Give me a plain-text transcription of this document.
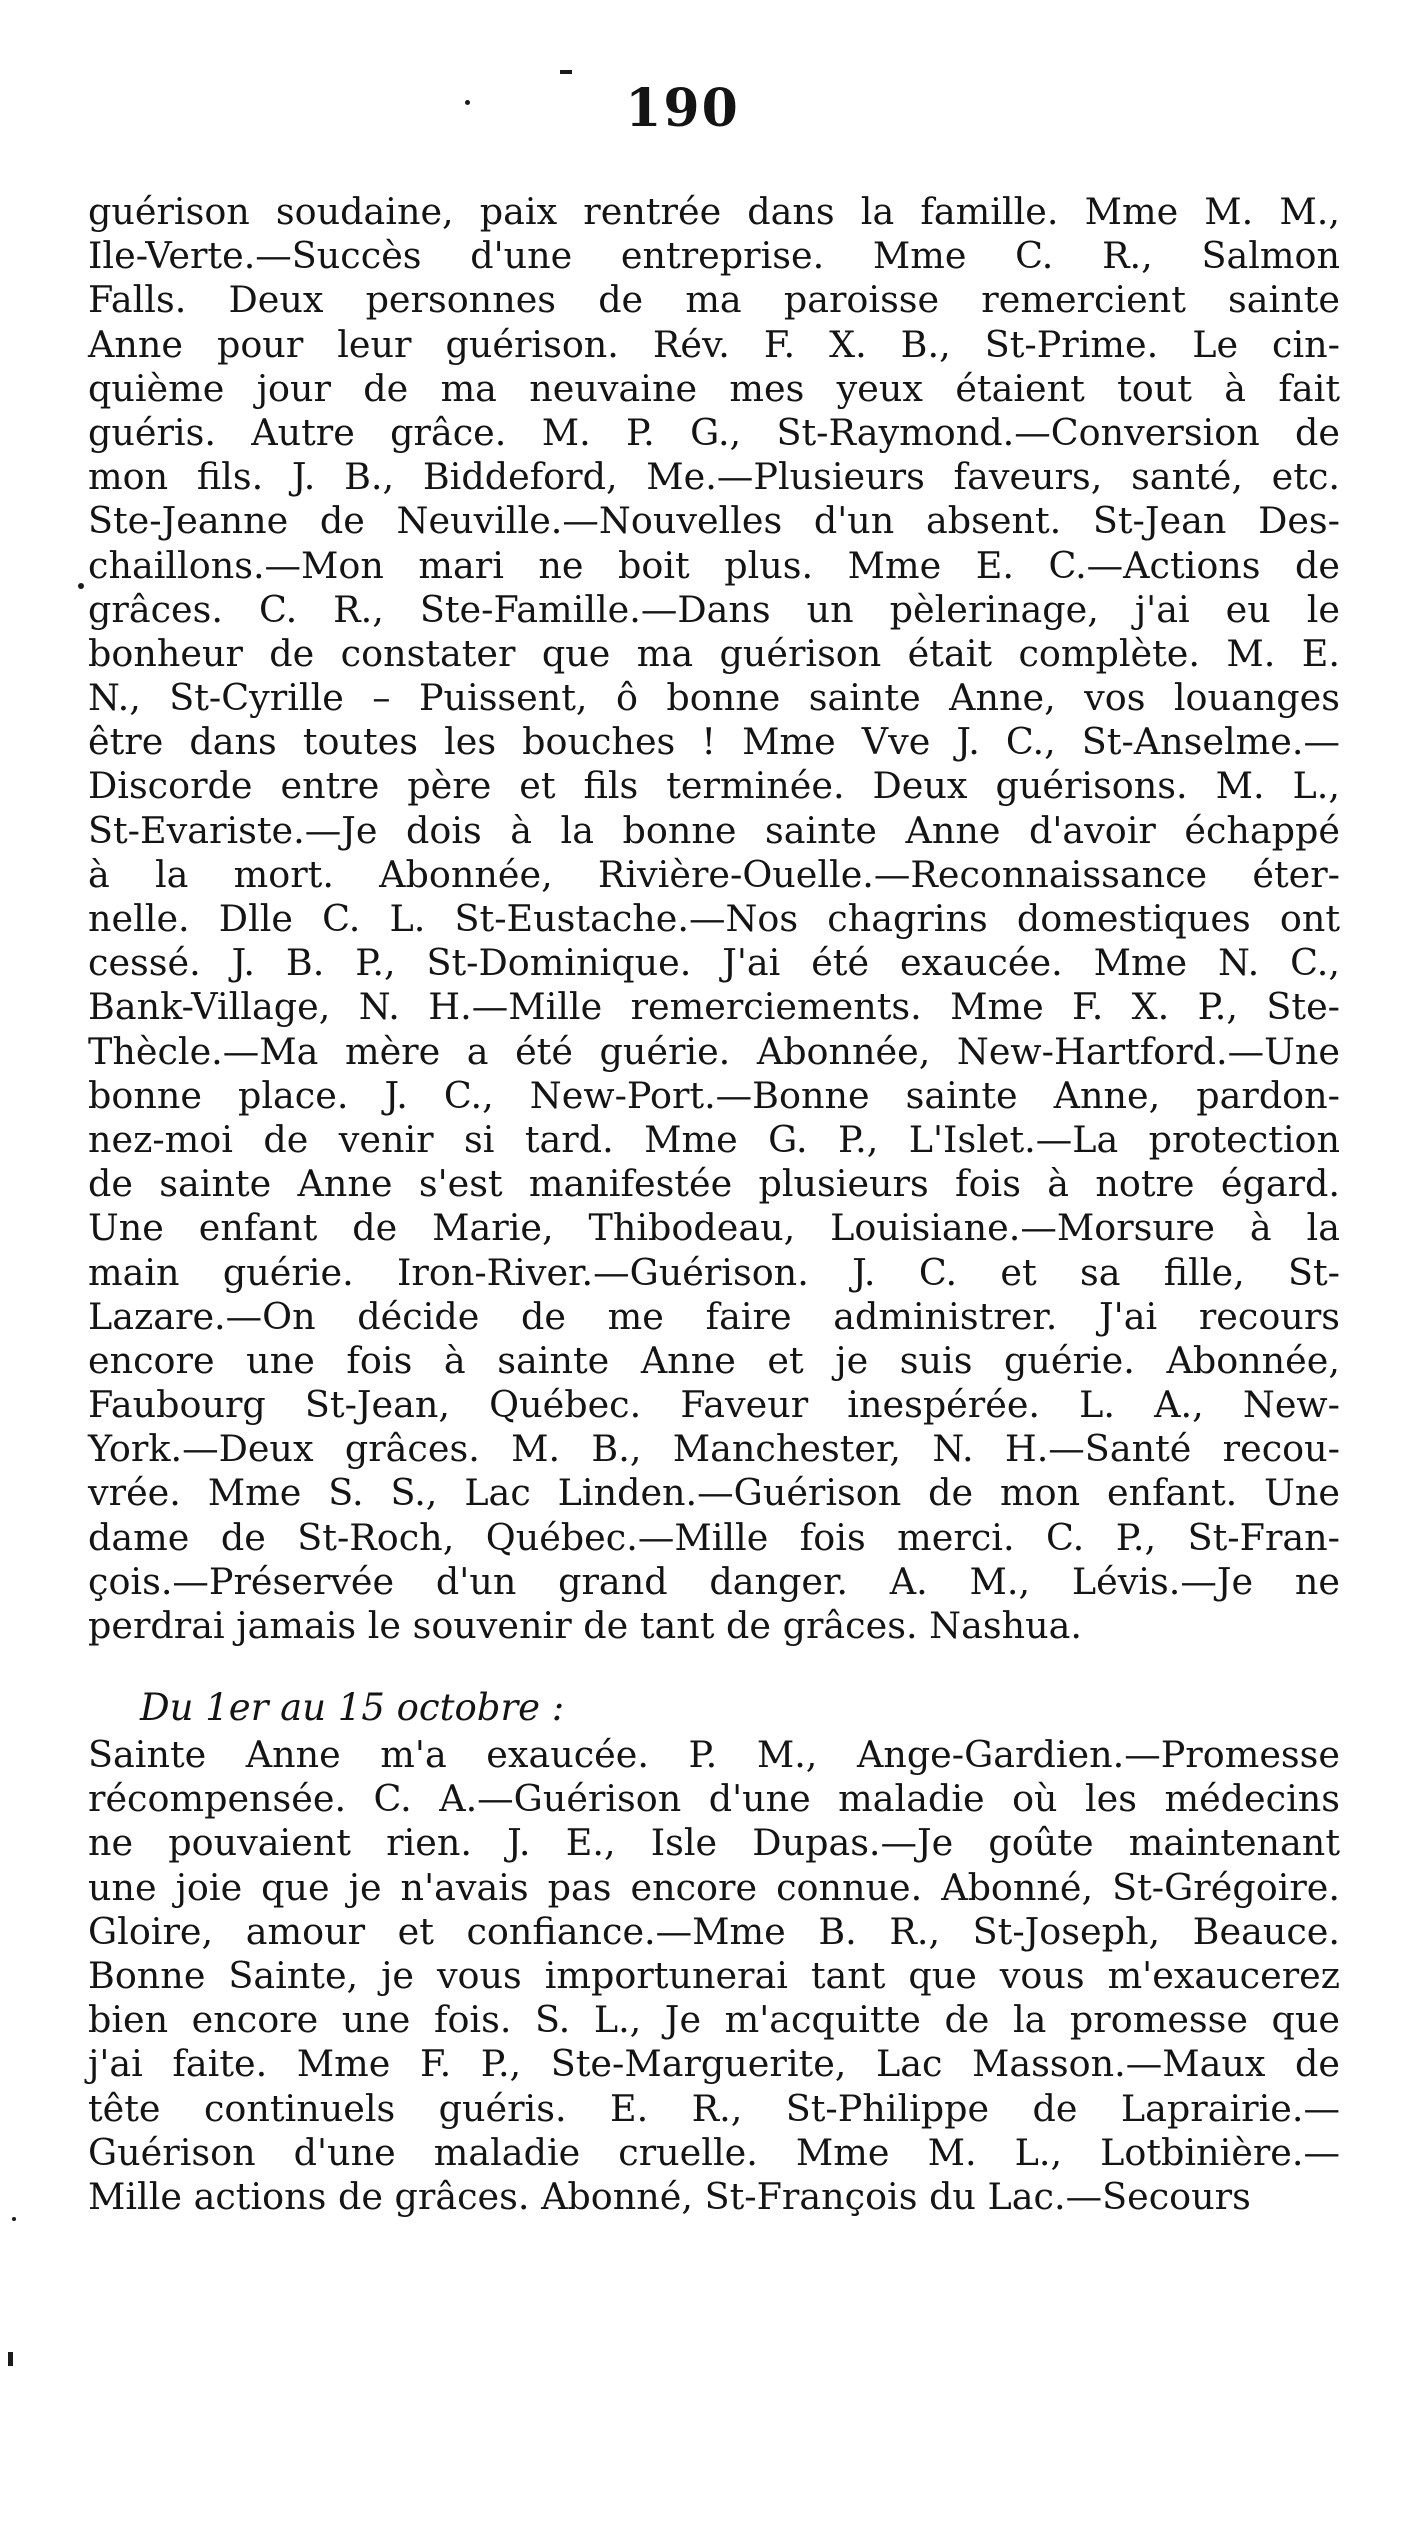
190
guérison soudaine, paix rentrée dans la famille. Mme M. M.,
Ile-Verte.—Succès d'une entreprise. Mme C. R., Salmon
Falls. Deux personnes de ma paroisse remercient sainte
Anne pour leur guérison. Rév. F. X. B., St-Prime. Le cin-
quième jour de ma neuvaine mes yeux étaient tout à fait
guéris. Autre grâce. M. P. G., St-Raymond.—Conversion de
mon fils. J. B., Biddeford, Me.—Plusieurs faveurs, santé, etc.
Ste-Jeanne de Neuville.—Nouvelles d'un absent. St-Jean Des-
chaillons.—Mon mari ne boit plus. Mme E. C.—Actions de
grâces. C. R., Ste-Famille.—Dans un pèlerinage, j'ai eu le
bonheur de constater que ma guérison était complète. M. E.
N., St-Cyrille – Puissent, ô bonne sainte Anne, vos louanges
être dans toutes les bouches ! Mme Vve J. C., St-Anselme.—
Discorde entre père et fils terminée. Deux guérisons. M. L.,
St-Evariste.—Je dois à la bonne sainte Anne d'avoir échappé
à la mort. Abonnée, Rivière-Ouelle.—Reconnaissance éter-
nelle. Dlle C. L. St-Eustache.—Nos chagrins domestiques ont
cessé. J. B. P., St-Dominique. J'ai été exaucée. Mme N. C.,
Bank-Village, N. H.—Mille remerciements. Mme F. X. P., Ste-
Thècle.—Ma mère a été guérie. Abonnée, New-Hartford.—Une
bonne place. J. C., New-Port.—Bonne sainte Anne, pardon-
nez-moi de venir si tard. Mme G. P., L'Islet.—La protection
de sainte Anne s'est manifestée plusieurs fois à notre égard.
Une enfant de Marie, Thibodeau, Louisiane.—Morsure à la
main guérie. Iron-River.—Guérison. J. C. et sa fille, St-
Lazare.—On décide de me faire administrer. J'ai recours
encore une fois à sainte Anne et je suis guérie. Abonnée,
Faubourg St-Jean, Québec. Faveur inespérée. L. A., New-
York.—Deux grâces. M. B., Manchester, N. H.—Santé recou-
vrée. Mme S. S., Lac Linden.—Guérison de mon enfant. Une
dame de St-Roch, Québec.—Mille fois merci. C. P., St-Fran-
çois.—Préservée d'un grand danger. A. M., Lévis.—Je ne
perdrai jamais le souvenir de tant de grâces. Nashua.
Du 1er au 15 octobre :
Sainte Anne m'a exaucée. P. M., Ange-Gardien.—Promesse
récompensée. C. A.—Guérison d'une maladie où les médecins
ne pouvaient rien. J. E., Isle Dupas.—Je goûte maintenant
une joie que je n'avais pas encore connue. Abonné, St-Grégoire.
Gloire, amour et confiance.—Mme B. R., St-Joseph, Beauce.
Bonne Sainte, je vous importunerai tant que vous m'exaucerez
bien encore une fois. S. L., Je m'acquitte de la promesse que
j'ai faite. Mme F. P., Ste-Marguerite, Lac Masson.—Maux de
tête continuels guéris. E. R., St-Philippe de Laprairie.—
Guérison d'une maladie cruelle. Mme M. L., Lotbinière.—
Mille actions de grâces. Abonné, St-François du Lac.—Secours
